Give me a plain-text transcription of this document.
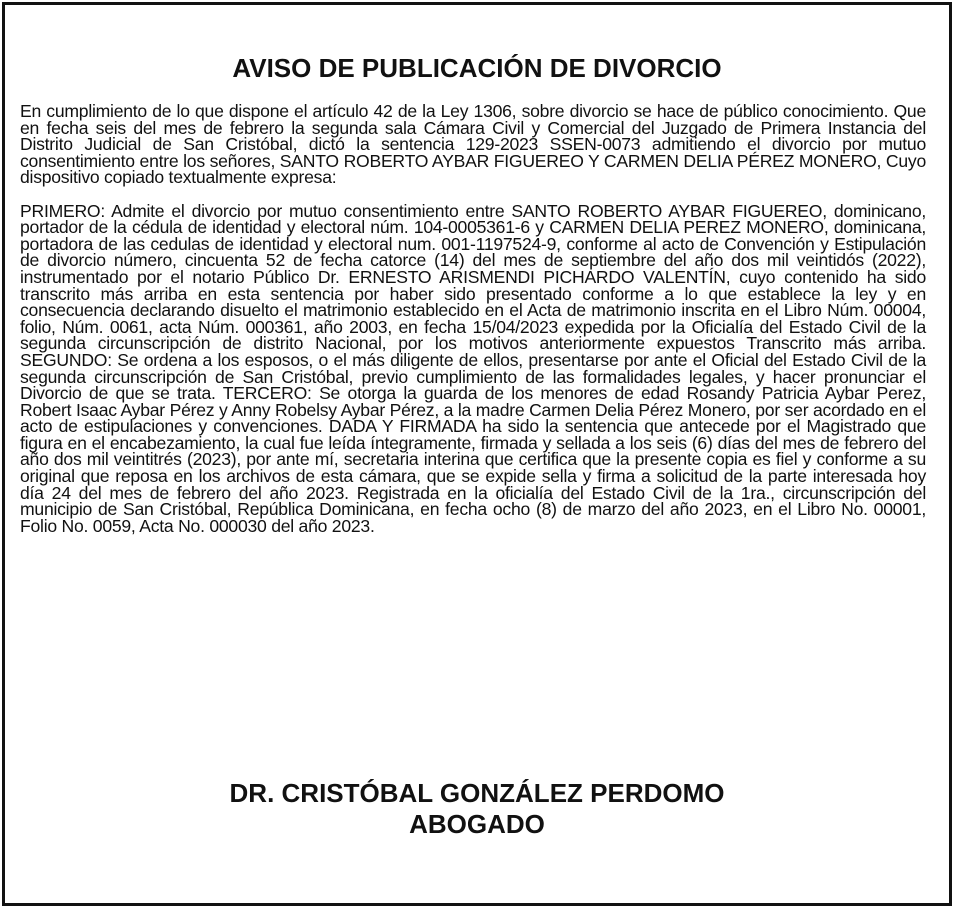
AVISO DE PUBLICACIÓN DE DIVORCIO

En cumplimiento de lo que dispone el artículo 42 de la Ley 1306, sobre divorcio se hace de público conocimiento. Que en fecha seis del mes de febrero la segunda sala Cámara Civil y Comercial del Juzgado de Primera Instancia del Distrito Judicial de San Cristóbal, dictó la sentencia 129-2023 SSEN-0073 admitiendo el divorcio por mutuo consentimiento entre los señores, SANTO ROBERTO AYBAR FIGUEREO Y CARMEN DELIA PÉREZ MONERO, Cuyo dispositivo copiado textualmente expresa:

PRIMERO: Admite el divorcio por mutuo consentimiento entre SANTO ROBERTO AYBAR FIGUEREO, dominicano, portador de la cédula de identidad y electoral núm. 104-0005361-6 y CARMEN DELIA PEREZ MONERO, dominicana, portadora de las cedulas de identidad y electoral num. 001-1197524-9, conforme al acto de Convención y Estipulación de divorcio número, cincuenta 52 de fecha catorce (14) del mes de septiembre del año dos mil veintidós (2022), instrumentado por el notario Público Dr. ERNESTO ARISMENDI PICHARDO VALENTÍN, cuyo contenido ha sido transcrito más arriba en esta sentencia por haber sido presentado conforme a lo que establece la ley y en consecuencia declarando disuelto el matrimonio establecido en el Acta de matrimonio inscrita en el Libro Núm. 00004, folio, Núm. 0061, acta Núm. 000361, año 2003, en fecha 15/04/2023 expedida por la Oficialía del Estado Civil de la segunda circunscripción de distrito Nacional, por los motivos anteriormente expuestos Transcrito más arriba. SEGUNDO: Se ordena a los esposos, o el más diligente de ellos, presentarse por ante el Oficial del Estado Civil de la segunda circunscripción de San Cristóbal, previo cumplimiento de las formalidades legales, y hacer pronunciar el Divorcio de que se trata. TERCERO: Se otorga la guarda de los menores de edad Rosandy Patricia Aybar Perez, Robert Isaac Aybar Pérez y Anny Robelsy Aybar Pérez, a la madre Carmen Delia Pérez Monero, por ser acordado en el acto de estipulaciones y convenciones. DADA Y FIRMADA ha sido la sentencia que antecede por el Magistrado que figura en el encabezamiento, la cual fue leída íntegramente, firmada y sellada a los seis (6) días del mes de febrero del año dos mil veintitrés (2023), por ante mí, secretaria interina que certifica que la presente copia es fiel y conforme a su original que reposa en los archivos de esta cámara, que se expide sella y firma a solicitud de la parte interesada hoy día 24 del mes de febrero del año 2023. Registrada en la oficialía del Estado Civil de la 1ra., circunscripción del municipio de San Cristóbal, República Dominicana, en fecha ocho (8) de marzo del año 2023, en el Libro No. 00001, Folio No. 0059, Acta No. 000030 del año 2023.

DR. CRISTÓBAL GONZÁLEZ PERDOMO
ABOGADO
